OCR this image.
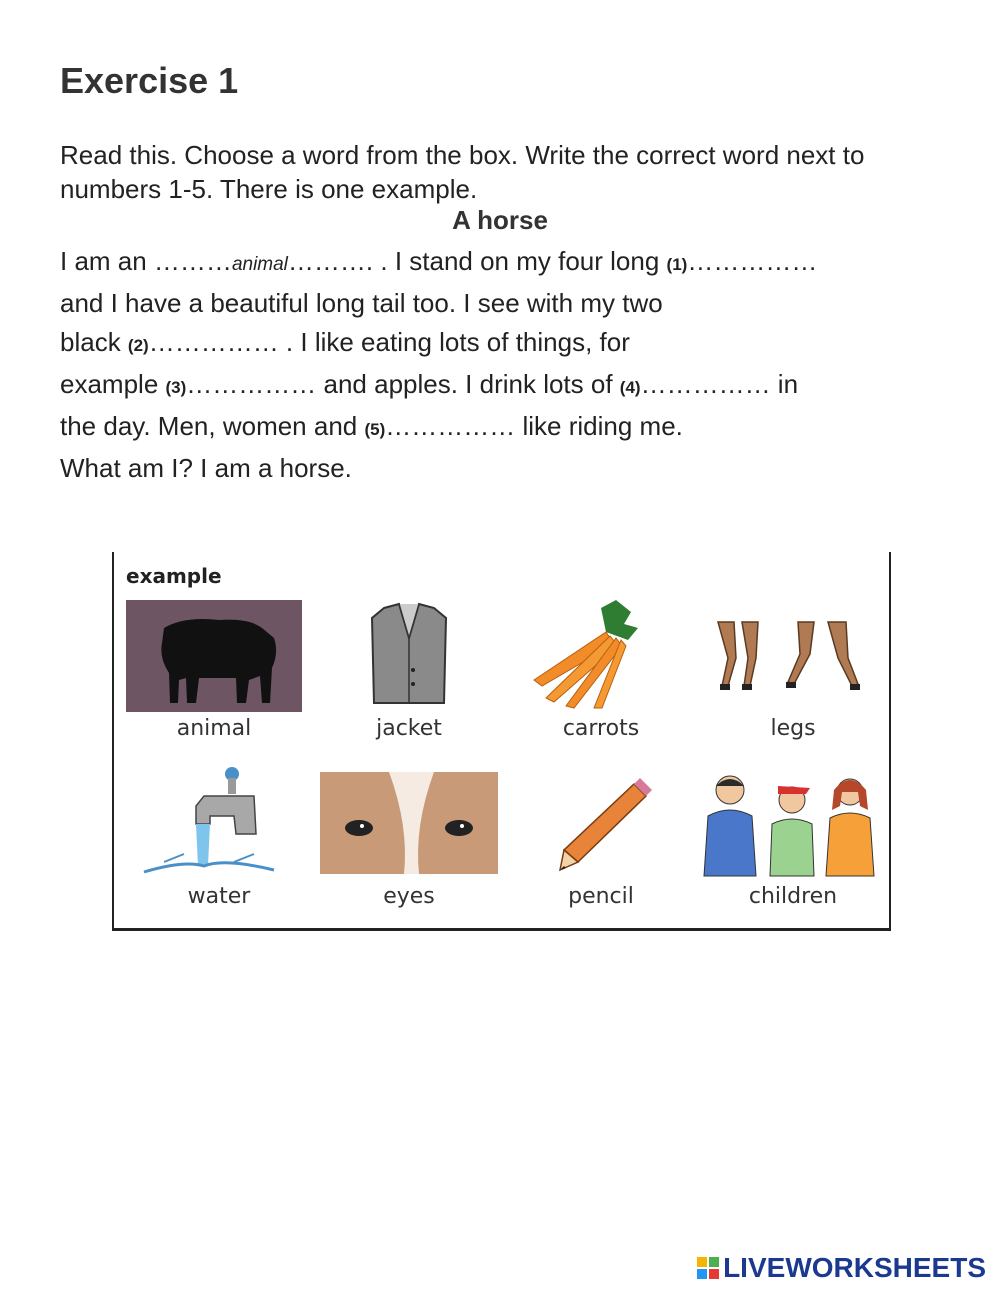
Exercise 1

Read this. Choose a word from the box. Write the correct word next to numbers 1-5. There is one example.

A horse
I am an ………animal………. . I stand on my four long (1)……………
and I have a beautiful long tail too. I see with my two
black (2)…………… . I like eating lots of things, for
example (3)…………… and apples. I drink lots of (4)…………… in
the day. Men, women and (5)…………… like riding me.
What am I? I am a horse.
example
animal	jacket	carrots	legs
water	eyes	pencil	children
LIVEWORKSHEETS
